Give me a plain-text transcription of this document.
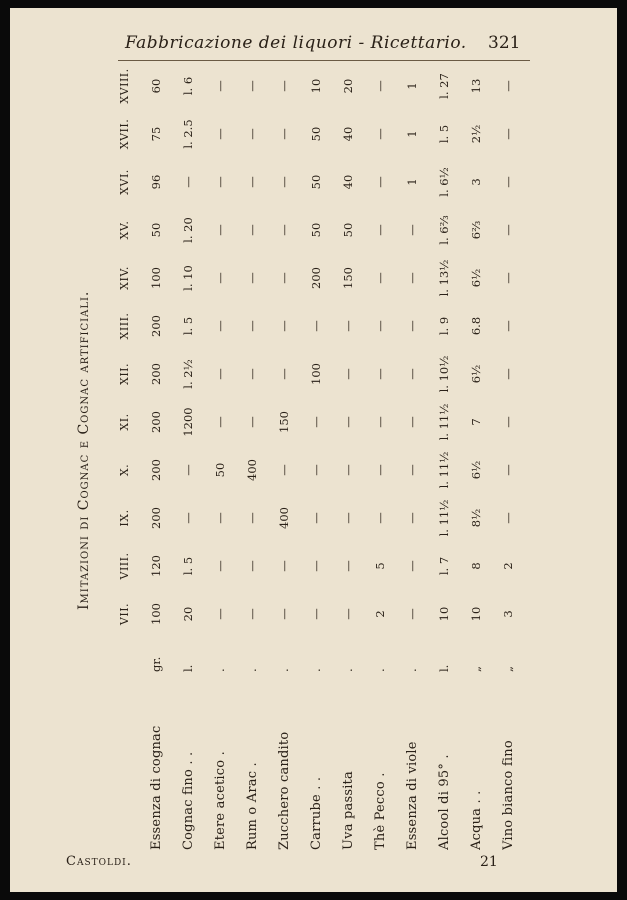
Fabbricazione dei liquori - Ricettario. 321
Imitazioni di Cognac e Cognac artificiali.
		VII.	VIII.	IX.	X.	XI.	XII.	XIII.	XIV.	XV.	XVI.	XVII.	XVIII.
Essenza di cognac	gr.	100	120	200	200	200	200	200	100	50	96	75	60
Cognac fino . .	l.	20	l. 5	—	—	1200	l. 2½	l. 5	l. 10	l. 20	—	l. 2.5	l. 6
Etere acetico .	.	—	—	—	50	—	—	—	—	—	—	—	—
Rum o Arac .	.	—	—	—	400	—	—	—	—	—	—	—	—
Zucchero candito	.	—	—	400	—	150	—	—	—	—	—	—	—
Carrube . .	.	—	—	—	—	—	100	—	200	50	50	50	10
Uva passita	.	—	—	—	—	—	—	—	150	50	40	40	20
Thè Pecco .	.	2	5	—	—	—	—	—	—	—	—	—	—
Essenza di viole	.	—	—	—	—	—	—	—	—	—	1	1	1
Alcool di 95° .	l.	10	l. 7	l. 11½	l. 11½	l. 11½	l. 10½	l. 9	l. 13½	l. 6⅔	l. 6½	l. 5	l. 27
Acqua . .	„	10	8	8½	6½	7	6½	6.8	6½	6⅔	3	2½	13
Vino bianco fino	„	3	2	—	—	—	—	—	—	—	—	—	—
Castoldi.	21
